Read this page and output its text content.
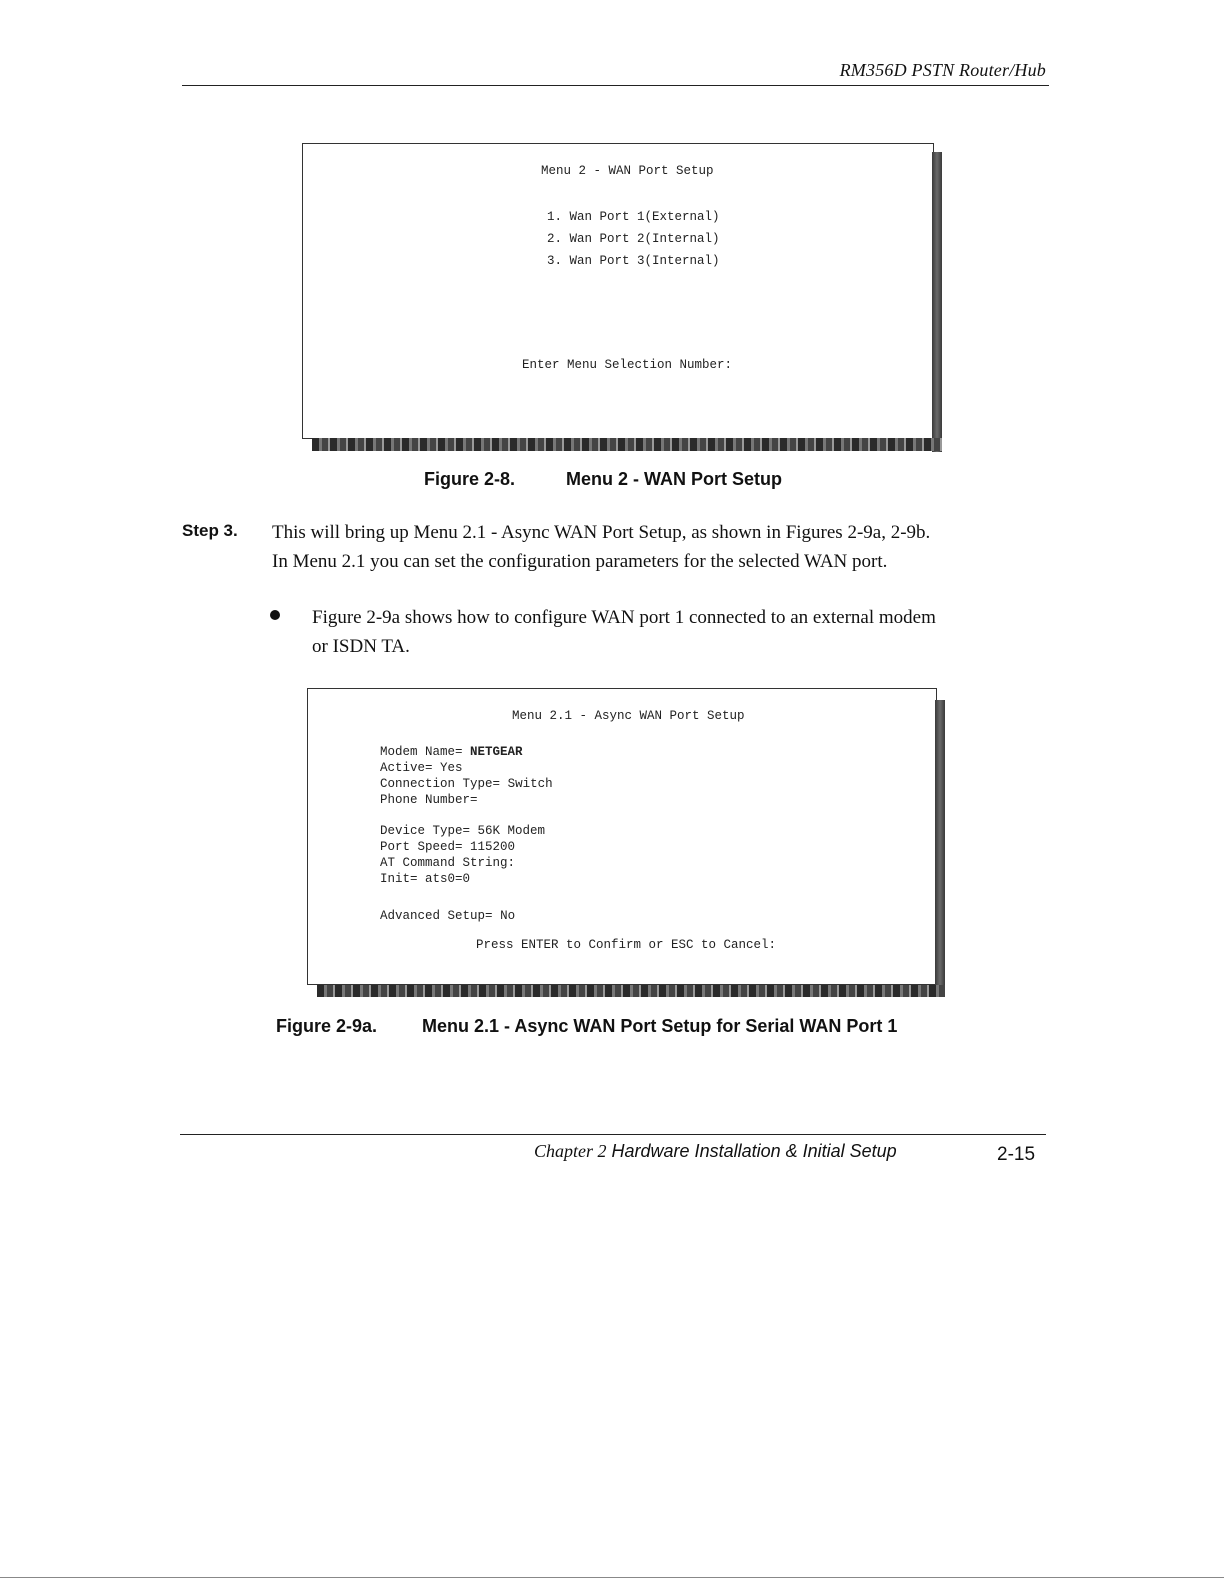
RM356D PSTN Router/Hub
Menu 2 - WAN Port Setup
1. Wan Port 1(External)
2. Wan Port 2(Internal)
3. Wan Port 3(Internal)
Enter Menu Selection Number:
Figure 2-8.	Menu 2 - WAN Port Setup
Step 3. This will bring up Menu 2.1 - Async WAN Port Setup, as shown in Figures 2-9a, 2-9b.
In Menu 2.1 you can set the configuration parameters for the selected WAN port.
Figure 2-9a shows how to configure WAN port 1 connected to an external modem
or ISDN TA.
Menu 2.1 - Async WAN Port Setup

Modem Name= NETGEAR

Active= Yes

Connection Type= Switch

Phone Number=

Device Type= 56K Modem

Port Speed= 115200

AT Command String:

Init= ats0=0

Advanced Setup= No

Press ENTER to Confirm or ESC to Cancel:
Figure 2-9a. Menu 2.1 - Async WAN Port Setup for Serial WAN Port 1
Chapter 2 Hardware Installation & Initial Setup	2-15
